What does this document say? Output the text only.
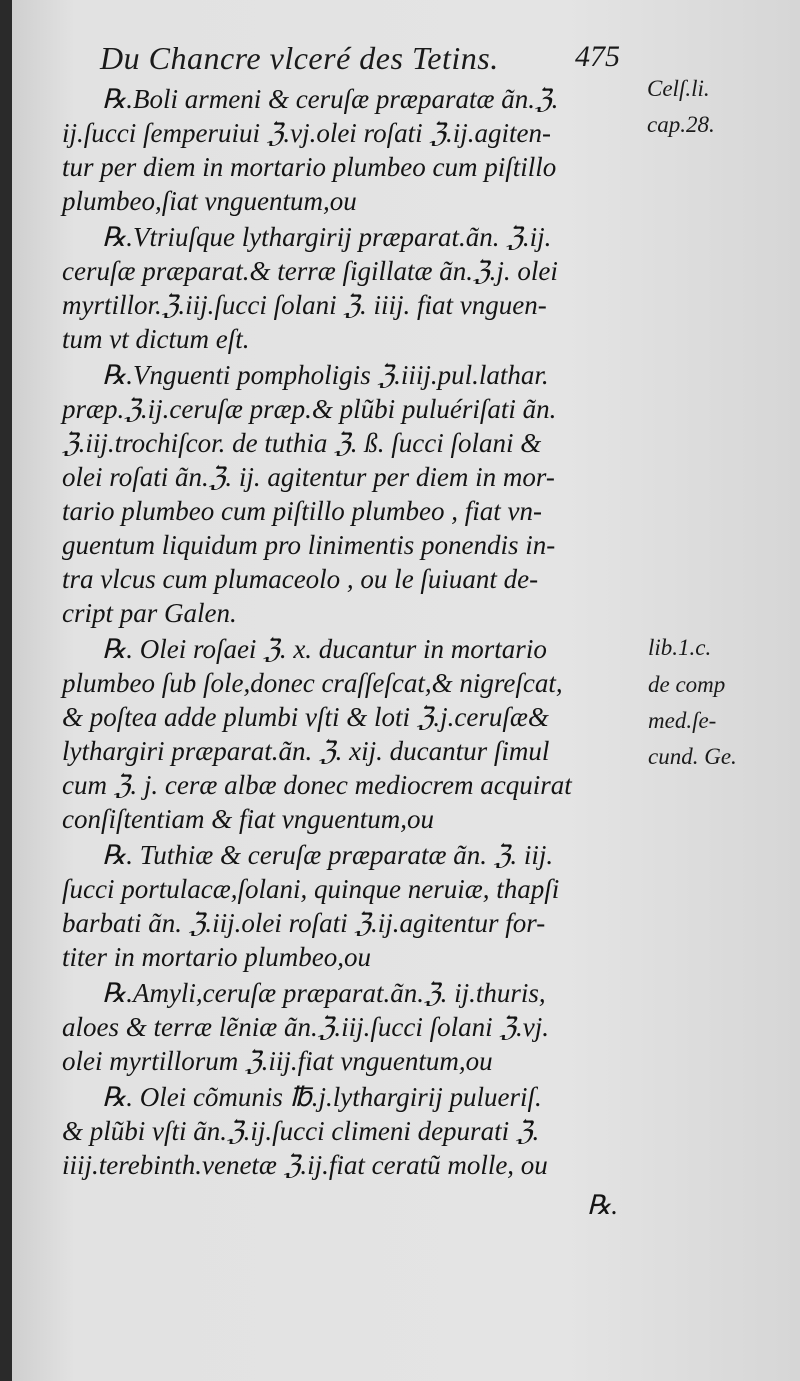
Du Chancre vlceré des Tetins.	475
Celſ.li.
cap.28.
lib.1.c.
de comp
med.ſe-
cund. Ge.
℞.Boli armeni & ceruſæ præparatæ ãn.ℨ.
ij.ſucci ſemperuiui ℨ.vj.olei roſati ℨ.ij.agiten-
tur per diem in mortario plumbeo cum piſtillo
plumbeo,ſiat vnguentum,ou
℞.Vtriuſque lythargirij præparat.ãn. ℨ.ij.
ceruſæ præparat.& terræ ſigillatæ ãn.ℨ.j. olei
myrtillor.ℨ.iij.ſucci ſolani ℨ. iiij. fiat vnguen-
tum vt dictum eſt.
℞.Vnguenti pompholigis ℨ.iiij.pul.lathar.
præp.ℨ.ij.ceruſæ præp.& plũbi puluériſati ãn.
ℨ.iij.trochiſcor. de tuthia ℨ. ß. ſucci ſolani &
olei roſati ãn.ℨ. ij. agitentur per diem in mor-
tario plumbeo cum piſtillo plumbeo , fiat vn-
guentum liquidum pro linimentis ponendis in-
tra vlcus cum plumaceolo , ou le ſuiuant de-
cript par Galen.
℞. Olei roſaei ℨ. x. ducantur in mortario
plumbeo ſub ſole,donec craſſeſcat,& nigreſcat,
& poſtea adde plumbi vſti & loti ℨ.j.ceruſæ&
lythargiri præparat.ãn. ℨ. xij. ducantur ſimul
cum ℨ. j. ceræ albæ donec mediocrem acquirat
conſiſtentiam & fiat vnguentum,ou
℞. Tuthiæ & ceruſæ præparatæ ãn. ℨ. iij.
ſucci portulacæ,ſolani, quinque neruiæ, thapſi
barbati ãn. ℨ.iij.olei roſati ℨ.ij.agitentur for-
titer in mortario plumbeo,ou
℞.Amyli,ceruſæ præparat.ãn.ℨ. ij.thuris,
aloes & terræ lẽniæ ãn.ℨ.iij.ſucci ſolani ℨ.vj.
olei myrtillorum ℨ.iij.fiat vnguentum,ou
℞. Olei cõmunis ℔.j.lythargirij pulueriſ.
& plũbi vſti ãn.ℨ.ij.ſucci climeni depurati ℨ.
iiij.terebinth.venetæ ℨ.ij.fiat ceratũ molle, ou
℞.
